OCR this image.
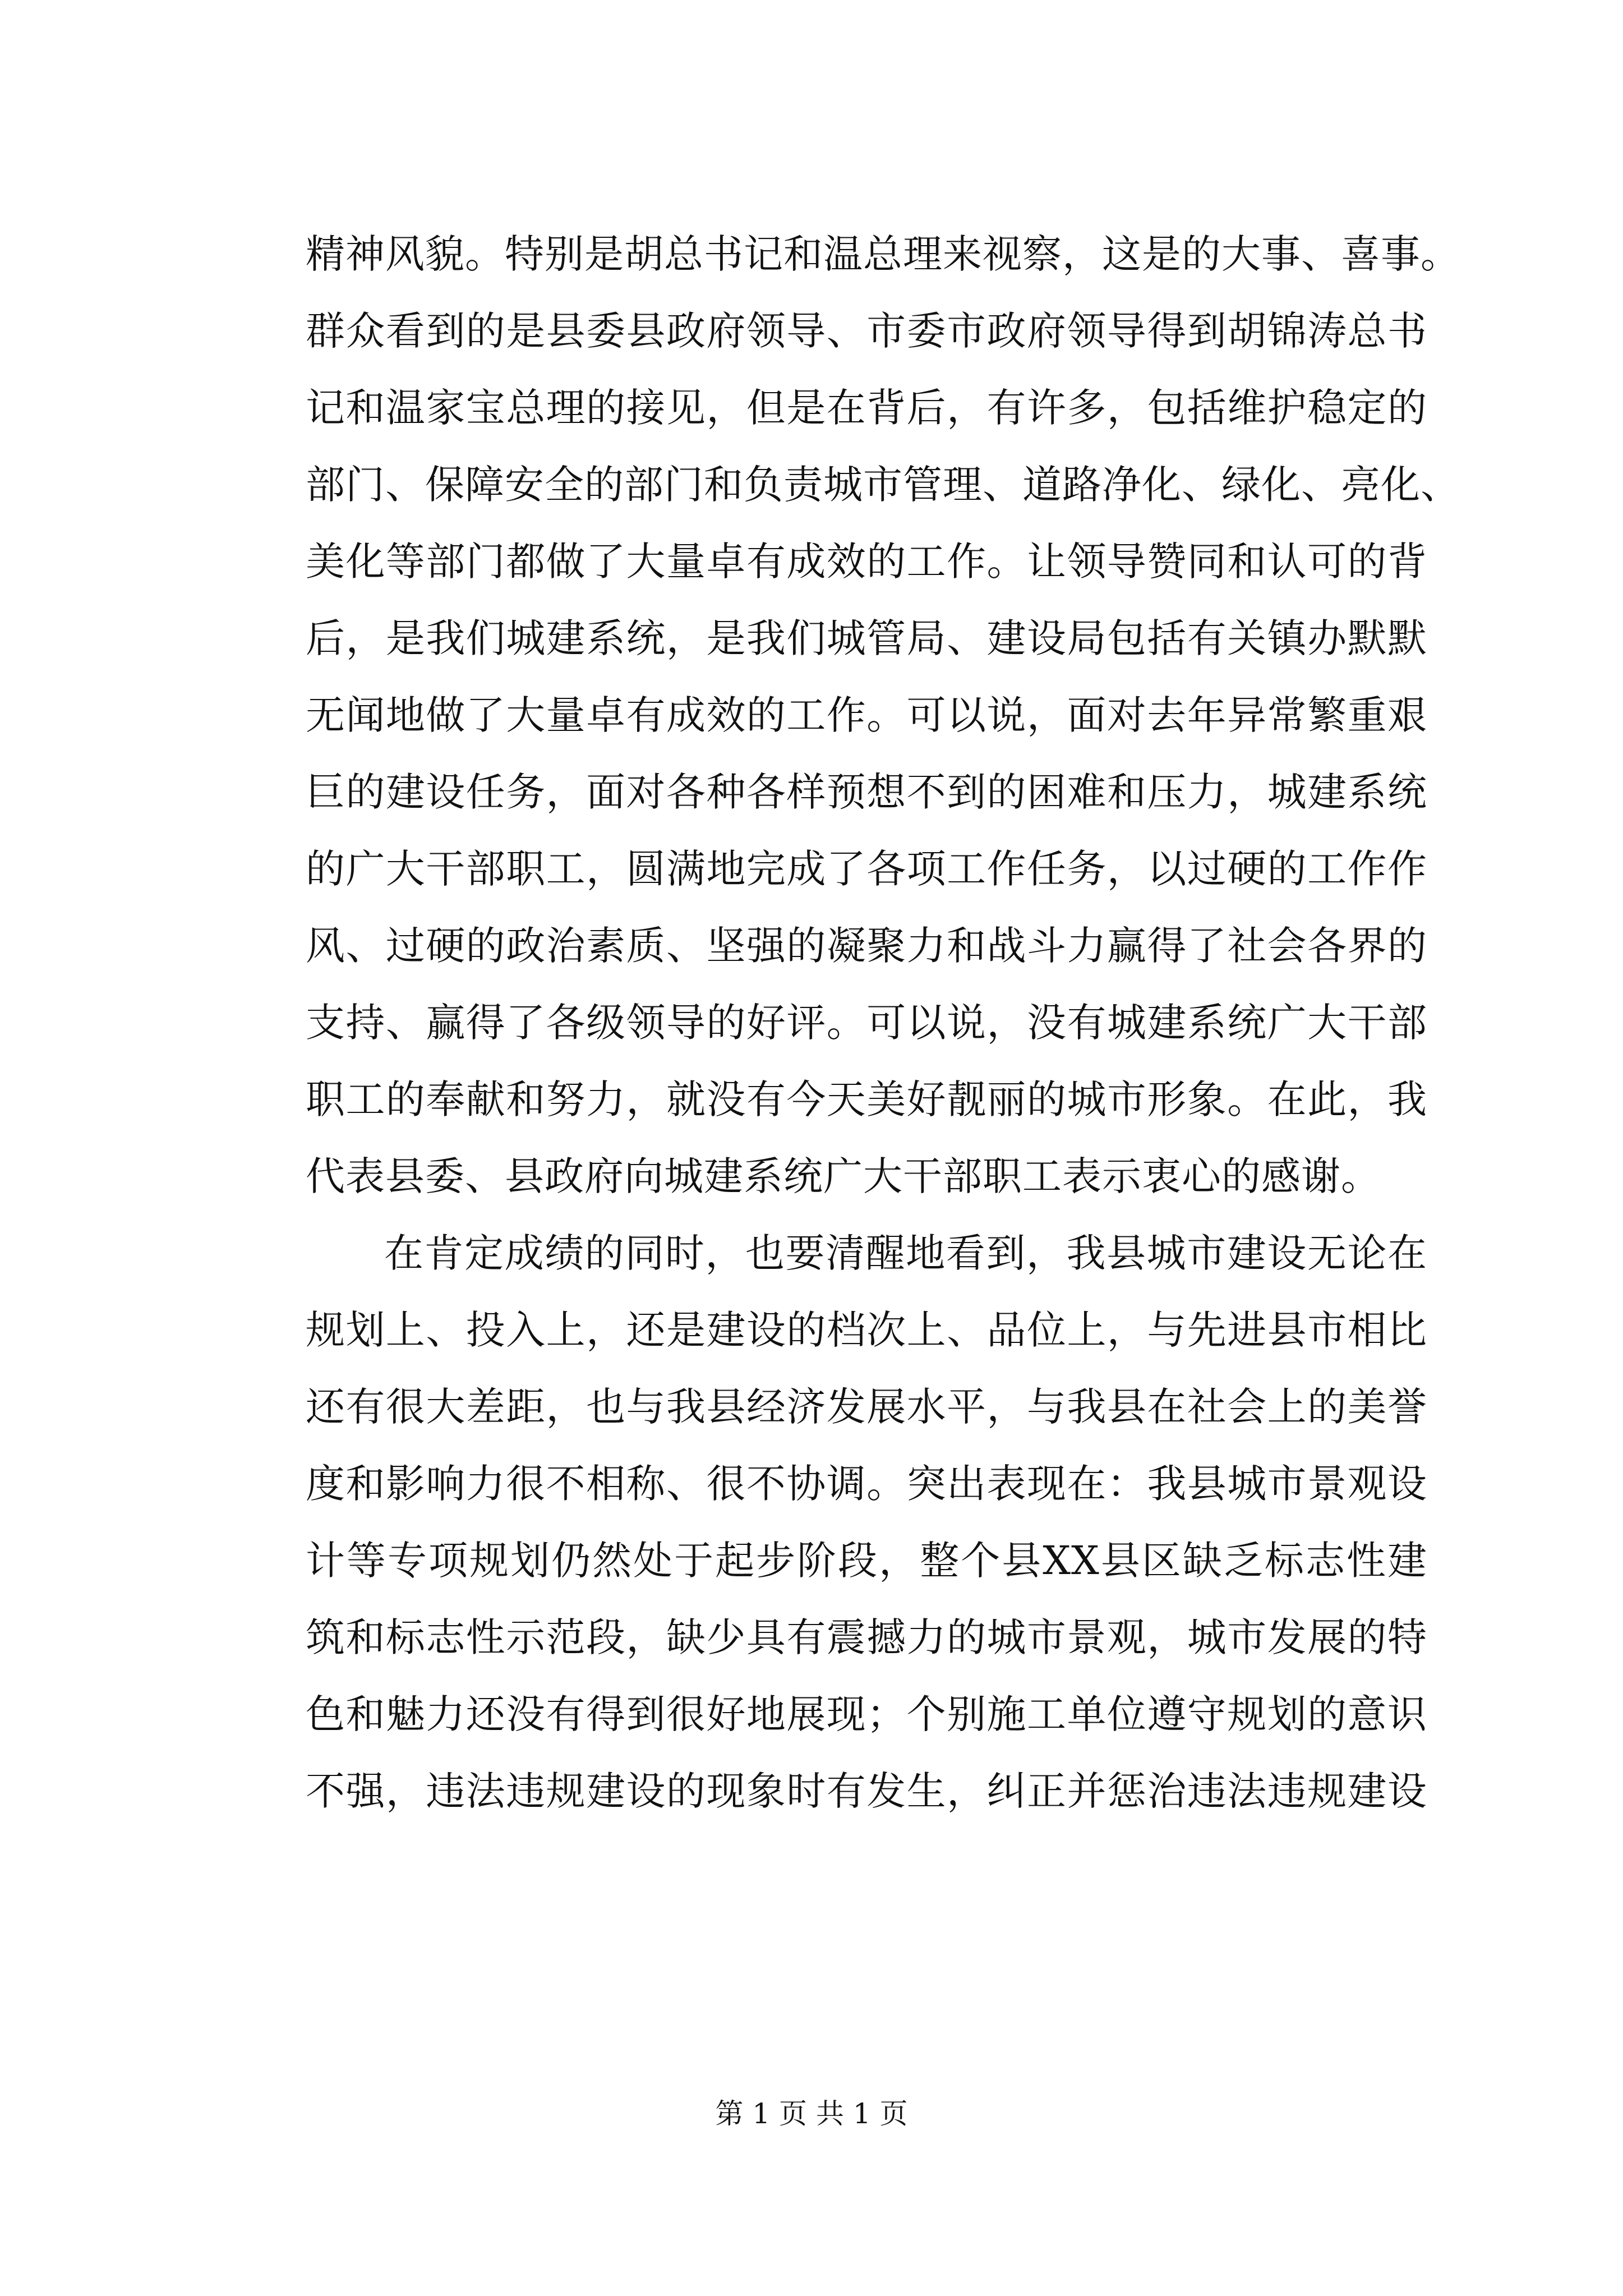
精神风貌。特别是胡总书记和温总理来视察，这是的大事、喜事。
群众看到的是县委县政府领导、市委市政府领导得到胡锦涛总书
记和温家宝总理的接见，但是在背后，有许多，包括维护稳定的
部门、保障安全的部门和负责城市管理、道路净化、绿化、亮化、
美化等部门都做了大量卓有成效的工作。让领导赞同和认可的背
后，是我们城建系统，是我们城管局、建设局包括有关镇办默默
无闻地做了大量卓有成效的工作。可以说，面对去年异常繁重艰
巨的建设任务，面对各种各样预想不到的困难和压力，城建系统
的广大干部职工，圆满地完成了各项工作任务，以过硬的工作作
风、过硬的政治素质、坚强的凝聚力和战斗力赢得了社会各界的
支持、赢得了各级领导的好评。可以说，没有城建系统广大干部
职工的奉献和努力，就没有今天美好靓丽的城市形象。在此，我
代表县委、县政府向城建系统广大干部职工表示衷心的感谢。
在肯定成绩的同时，也要清醒地看到，我县城市建设无论在
规划上、投入上，还是建设的档次上、品位上，与先进县市相比
还有很大差距，也与我县经济发展水平，与我县在社会上的美誉
度和影响力很不相称、很不协调。突出表现在：我县城市景观设
计等专项规划仍然处于起步阶段，整个县XX县区缺乏标志性建
筑和标志性示范段，缺少具有震撼力的城市景观，城市发展的特
色和魅力还没有得到很好地展现；个别施工单位遵守规划的意识
不强，违法违规建设的现象时有发生，纠正并惩治违法违规建设
第 1 页 共 1 页
